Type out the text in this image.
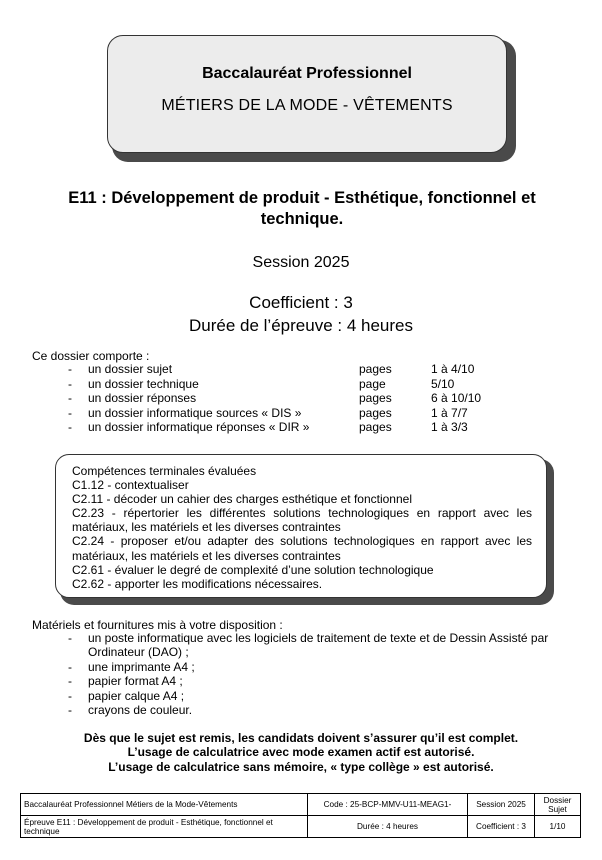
Baccalauréat Professionnel
MÉTIERS DE LA MODE - VÊTEMENTS
E11 : Développement de produit - Esthétique, fonctionnel et technique.
Session 2025
Coefficient : 3
Durée de l’épreuve : 4 heures
Ce dossier comporte :
- un dossier sujet	pages	1 à 4/10
- un dossier technique	page	5/10
- un dossier réponses	pages	6 à 10/10
- un dossier informatique sources « DIS »	pages	1 à 7/7
- un dossier informatique réponses « DIR »	pages	1 à 3/3
Compétences terminales évaluées
C1.12 - contextualiser
C2.11 - décoder un cahier des charges esthétique et fonctionnel
C2.23 - répertorier les différentes solutions technologiques en rapport avec les matériaux, les matériels et les diverses contraintes
C2.24 - proposer et/ou adapter des solutions technologiques en rapport avec les matériaux, les matériels et les diverses contraintes
C2.61 - évaluer le degré de complexité d’une solution technologique
C2.62 - apporter les modifications nécessaires.
Matériels et fournitures mis à votre disposition :
- un poste informatique avec les logiciels de traitement de texte et de Dessin Assisté par Ordinateur (DAO) ;
- une imprimante A4 ;
- papier format A4 ;
- papier calque A4 ;
- crayons de couleur.
Dès que le sujet est remis, les candidats doivent s’assurer qu’il est complet.
L’usage de calculatrice avec mode examen actif est autorisé.
L’usage de calculatrice sans mémoire, « type collège » est autorisé.
Baccalauréat Professionnel Métiers de la Mode-Vêtements	Code : 25-BCP-MMV-U11-MEAG1-	Session 2025	Dossier Sujet
Épreuve E11 : Développement de produit - Esthétique, fonctionnel et technique	Durée : 4 heures	Coefficient : 3	1/10
